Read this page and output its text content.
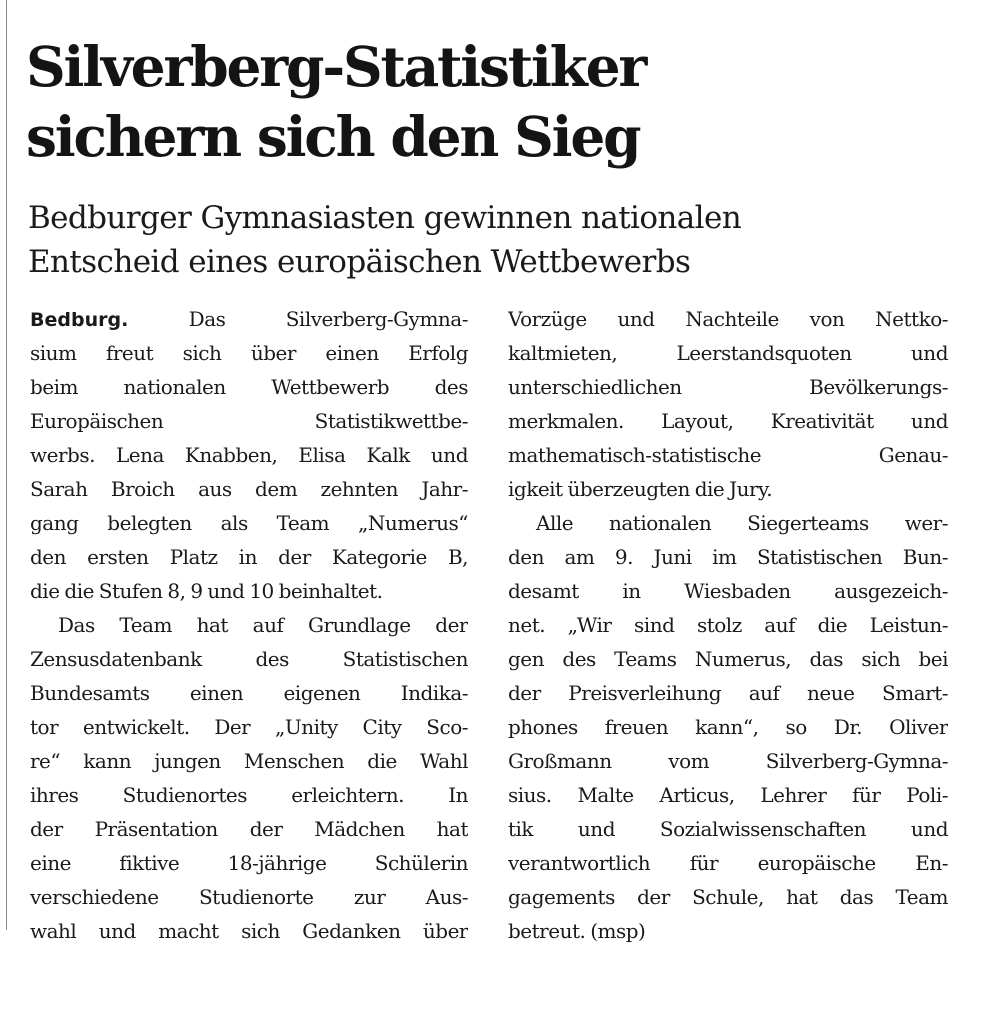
Silverberg-Statistiker
sichern sich den Sieg
Bedburger Gymnasiasten gewinnen nationalen
Entscheid eines europäischen Wettbewerbs
Bedburg. Das Silverberg-Gymna-
sium freut sich über einen Erfolg
beim nationalen Wettbewerb des
Europäischen Statistikwettbe-
werbs. Lena Knabben, Elisa Kalk und
Sarah Broich aus dem zehnten Jahr-
gang belegten als Team „Numerus“
den ersten Platz in der Kategorie B,
die die Stufen 8, 9 und 10 beinhaltet.
Das Team hat auf Grundlage der
Zensusdatenbank des Statistischen
Bundesamts einen eigenen Indika-
tor entwickelt. Der „Unity City Sco-
re“ kann jungen Menschen die Wahl
ihres Studienortes erleichtern. In
der Präsentation der Mädchen hat
eine fiktive 18-jährige Schülerin
verschiedene Studienorte zur Aus-
wahl und macht sich Gedanken über
Vorzüge und Nachteile von Nettko-
kaltmieten, Leerstandsquoten und
unterschiedlichen Bevölkerungs-
merkmalen. Layout, Kreativität und
mathematisch-statistische Genau-
igkeit überzeugten die Jury.
Alle nationalen Siegerteams wer-
den am 9. Juni im Statistischen Bun-
desamt in Wiesbaden ausgezeich-
net. „Wir sind stolz auf die Leistun-
gen des Teams Numerus, das sich bei
der Preisverleihung auf neue Smart-
phones freuen kann“, so Dr. Oliver
Großmann vom Silverberg-Gymna-
sius. Malte Articus, Lehrer für Poli-
tik und Sozialwissenschaften und
verantwortlich für europäische En-
gagements der Schule, hat das Team
betreut. (msp)
